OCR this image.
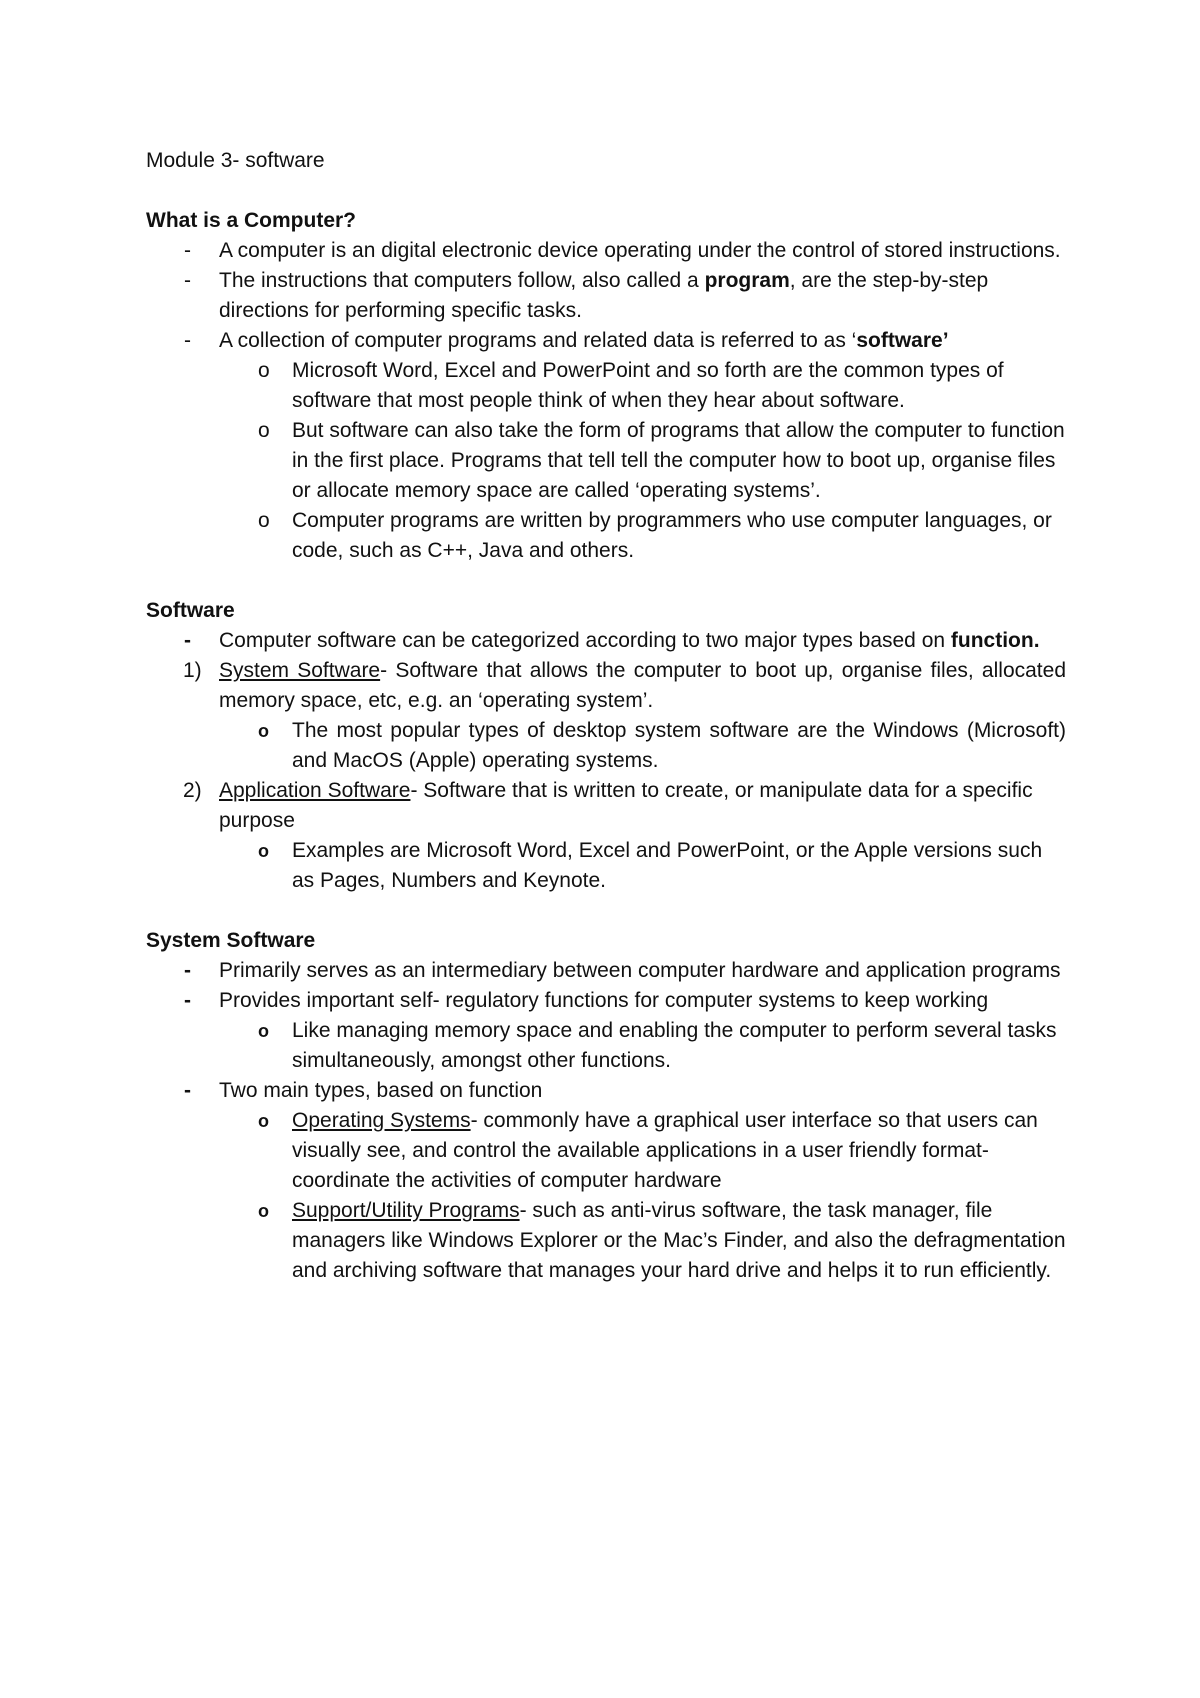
Module 3- software
What is a Computer?
- A computer is an digital electronic device operating under the control of stored instructions.
- The instructions that computers follow, also called a program, are the step-by-step directions for performing specific tasks.
- A collection of computer programs and related data is referred to as ‘software’
o Microsoft Word, Excel and PowerPoint and so forth are the common types of software that most people think of when they hear about software.
o But software can also take the form of programs that allow the computer to function in the first place. Programs that tell tell the computer how to boot up, organise files or allocate memory space are called ‘operating systems’.
o Computer programs are written by programmers who use computer languages, or code, such as C++, Java and others.
Software
- Computer software can be categorized according to two major types based on function.
1) System Software- Software that allows the computer to boot up, organise files, allocated memory space, etc, e.g. an ‘operating system’.
o The most popular types of desktop system software are the Windows (Microsoft) and MacOS (Apple) operating systems.
2) Application Software- Software that is written to create, or manipulate data for a specific purpose
o Examples are Microsoft Word, Excel and PowerPoint, or the Apple versions such as Pages, Numbers and Keynote.
System Software
- Primarily serves as an intermediary between computer hardware and application programs
- Provides important self- regulatory functions for computer systems to keep working
o Like managing memory space and enabling the computer to perform several tasks simultaneously, amongst other functions.
- Two main types, based on function
o Operating Systems- commonly have a graphical user interface so that users can visually see, and control the available applications in a user friendly format- coordinate the activities of computer hardware
o Support/Utility Programs- such as anti-virus software, the task manager, file managers like Windows Explorer or the Mac’s Finder, and also the defragmentation and archiving software that manages your hard drive and helps it to run efficiently.
